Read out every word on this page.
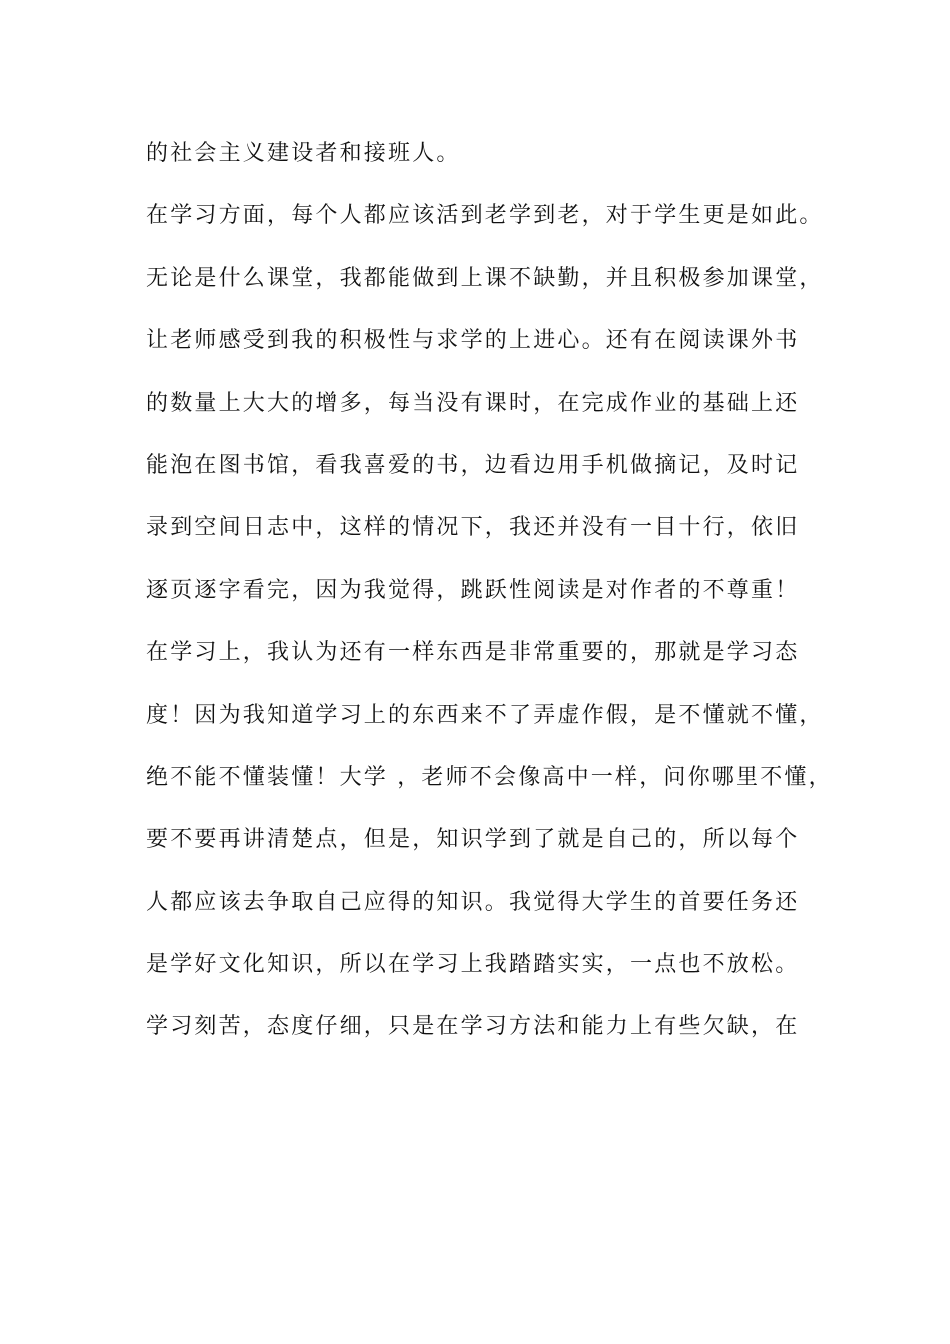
的社会主义建设者和接班人。
在学习方面，每个人都应该活到老学到老，对于学生更是如此。
无论是什么课堂，我都能做到上课不缺勤，并且积极参加课堂，
让老师感受到我的积极性与求学的上进心。还有在阅读课外书
的数量上大大的增多，每当没有课时，在完成作业的基础上还
能泡在图书馆，看我喜爱的书，边看边用手机做摘记，及时记
录到空间日志中，这样的情况下，我还并没有一目十行，依旧
逐页逐字看完，因为我觉得，跳跃性阅读是对作者的不尊重！
在学习上，我认为还有一样东西是非常重要的，那就是学习态
度！因为我知道学习上的东西来不了弄虚作假，是不懂就不懂，
绝不能不懂装懂！大学 ，老师不会像高中一样，问你哪里不懂，
要不要再讲清楚点，但是，知识学到了就是自己的，所以每个
人都应该去争取自己应得的知识。我觉得大学生的首要任务还
是学好文化知识，所以在学习上我踏踏实实，一点也不放松。
学习刻苦，态度仔细，只是在学习方法和能力上有些欠缺，在
